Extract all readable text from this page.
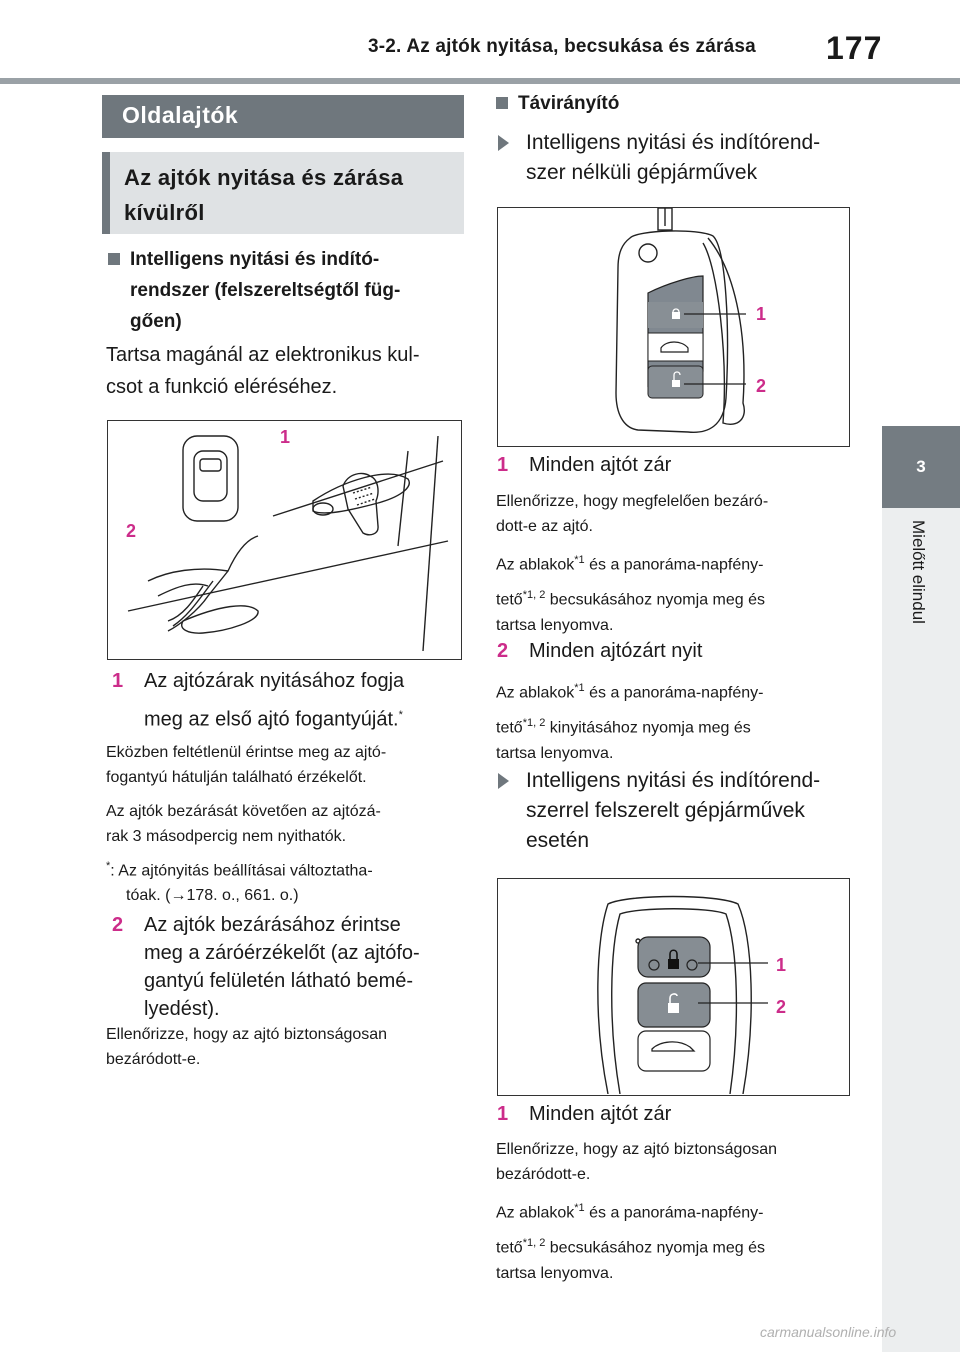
3-2. Az ajtók nyitása, becsukása és zárása 177
3
Mielőtt elindul
Oldalajtók
Az ajtók nyitása és zárása
kívülről
Intelligens nyitási és indító-
rendszer (felszereltségtől füg-
gően)
Tartsa magánál az elektronikus kul-
csot a funkció eléréséhez.
1
2
1	Az ajtózárak nyitásához fogja
meg az első ajtó fogantyúját.*
Eközben feltétlenül érintse meg az ajtó-
fogantyú hátulján található érzékelőt.
Az ajtók bezárását követően az ajtózá-
rak 3 másodpercig nem nyithatók.
*: Az ajtónyitás beállításai változtatha-
tóak. (→178. o., 661. o.)
2	Az ajtók bezárásához érintse
meg a záróérzékelőt (az ajtófo-
gantyú felületén látható bemé-
lyedést).
Ellenőrizze, hogy az ajtó biztonságosan
bezáródott-e.
Távirányító
Intelligens nyitási és indítórend-
szer nélküli gépjárművek
1
2
1	Minden ajtót zár
Ellenőrizze, hogy megfelelően bezáró-
dott-e az ajtó.
Az ablakok$^{*1}$ és a panoráma-napfény-
tető$^{*1, 2}$ becsukásához nyomja meg és
tartsa lenyomva.
2	Minden ajtózárt nyit
Az ablakok$^{*1}$ és a panoráma-napfény-
tető$^{*1, 2}$ kinyitásához nyomja meg és
tartsa lenyomva.
Intelligens nyitási és indítórend-
szerrel felszerelt gépjárművek
esetén
1
2
1	Minden ajtót zár
Ellenőrizze, hogy az ajtó biztonságosan
bezáródott-e.
Az ablakok$^{*1}$ és a panoráma-napfény-
tető$^{*1, 2}$ becsukásához nyomja meg és
tartsa lenyomva.
carmanualsonline.info
